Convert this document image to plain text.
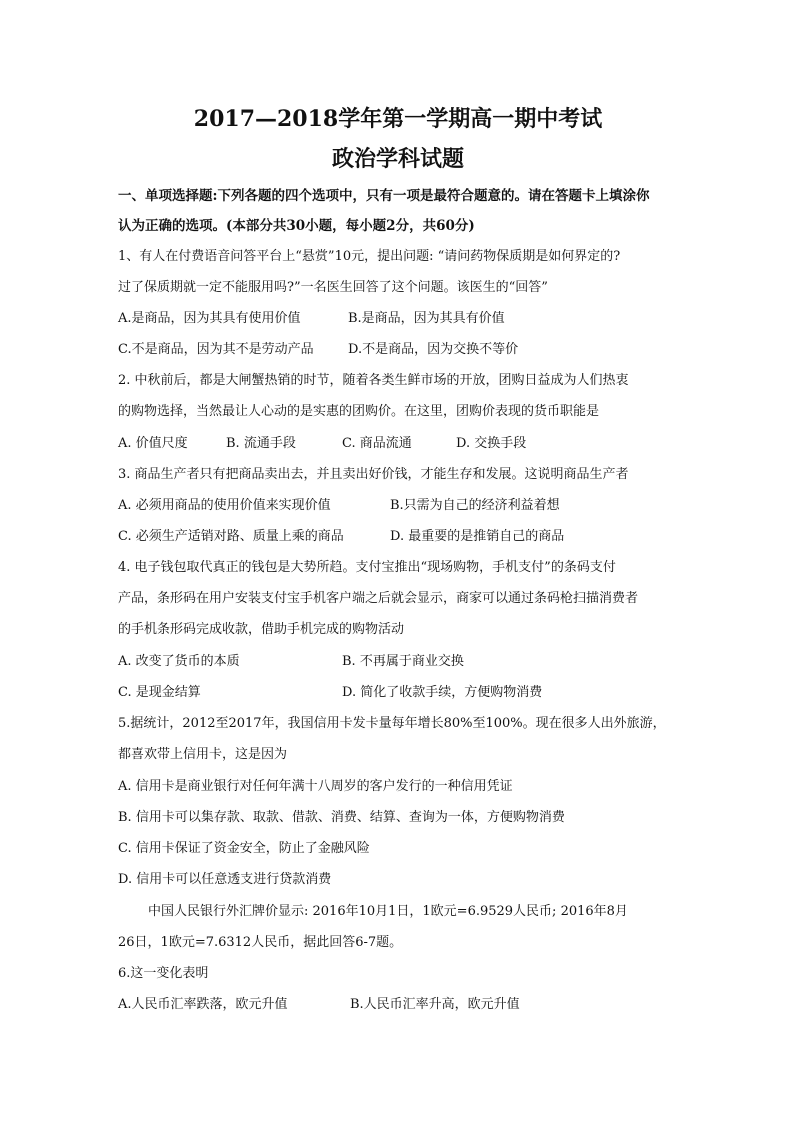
2017—2018学年第一学期高一期中考试
政治学科试题
一、单项选择题:下列各题的四个选项中，只有一项是最符合题意的。请在答题卡上填涂你
认为正确的选项。(本部分共30小题，每小题2分，共60分)
1、有人在付费语音问答平台上“悬赏”10元，提出问题: “请问药物保质期是如何界定的?
过了保质期就一定不能服用吗?”一名医生回答了这个问题。该医生的“回答”
A.是商品，因为其具有使用价值	B.是商品，因为其具有价值
C.不是商品，因为其不是劳动产品	D.不是商品，因为交换不等价
2. 中秋前后，都是大闸蟹热销的时节，随着各类生鲜市场的开放，团购日益成为人们热衷
的购物选择，当然最让人心动的是实惠的团购价。在这里，团购价表现的货币职能是
A. 价值尺度	B. 流通手段	C. 商品流通	D. 交换手段
3. 商品生产者只有把商品卖出去，并且卖出好价钱，才能生存和发展。这说明商品生产者
A. 必须用商品的使用价值来实现价值	B.只需为自己的经济利益着想
C. 必须生产适销对路、质量上乘的商品	D. 最重要的是推销自己的商品
4. 电子钱包取代真正的钱包是大势所趋。支付宝推出“现场购物，手机支付”的条码支付
产品，条形码在用户安装支付宝手机客户端之后就会显示，商家可以通过条码枪扫描消费者
的手机条形码完成收款，借助手机完成的购物活动
A. 改变了货币的本质	B. 不再属于商业交换
C. 是现金结算	D. 简化了收款手续，方便购物消费
5.据统计，2012至2017年，我国信用卡发卡量每年增长80%至100%。现在很多人出外旅游，
都喜欢带上信用卡，这是因为
A. 信用卡是商业银行对任何年满十八周岁的客户发行的一种信用凭证
B. 信用卡可以集存款、取款、借款、消费、结算、查询为一体，方便购物消费
C. 信用卡保证了资金安全，防止了金融风险
D. 信用卡可以任意透支进行贷款消费
中国人民银行外汇牌价显示: 2016年10月1日，1欧元=6.9529人民币; 2016年8月
26日，1欧元=7.6312人民币，据此回答6-7题。
6.这一变化表明
A.人民币汇率跌落，欧元升值	B.人民币汇率升高，欧元升值
